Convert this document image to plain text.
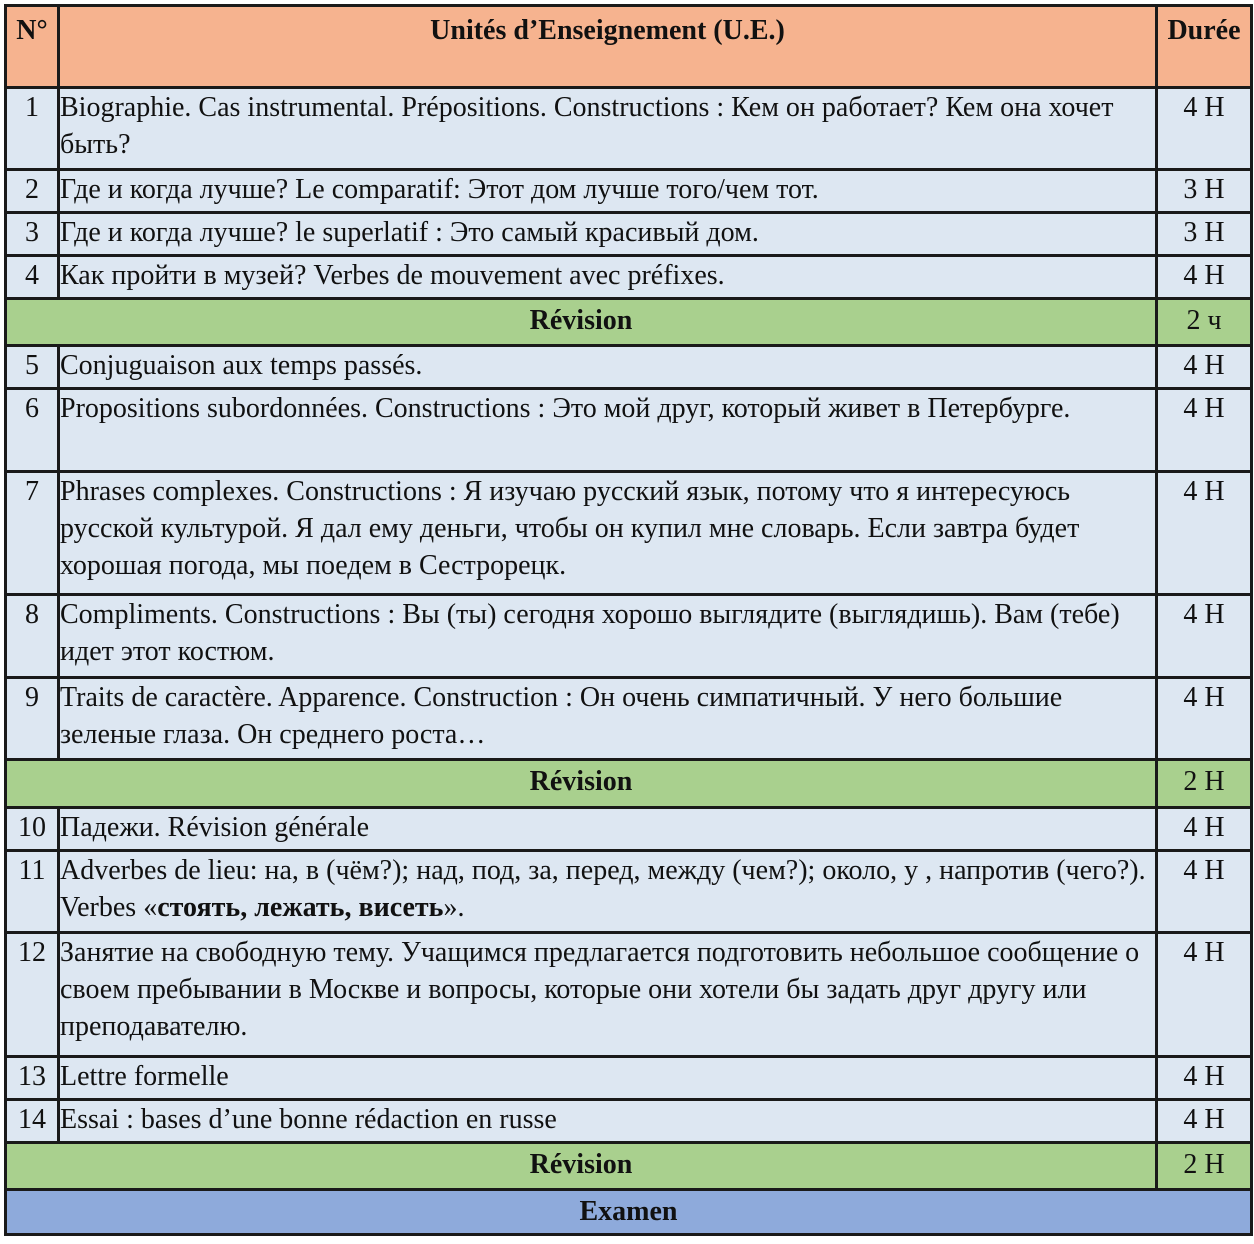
N°	Unités d’Enseignement (U.E.)	Durée
1	Biographie. Cas instrumental. Prépositions. Constructions : Кем он работает? Кем она хочет быть?	4 H
2	Где и когда лучше? Le comparatif: Этот дом лучше того/чем тот.	3 H
3	Где и когда лучше? le superlatif : Это самый красивый дом.	3 H
4	Как пройти в музей? Verbes de mouvement avec préfixes.	4 H
Révision		2 ч
5	Conjuguaison aux temps passés.	4 H
6	Propositions subordonnées. Constructions : Это мой друг, который живет в Петербурге.	4 H
7	Phrases complexes. Constructions : Я изучаю русский язык, потому что я интересуюсь русской культурой. Я дал ему деньги, чтобы он купил мне словарь. Если завтра будет хорошая погода, мы поедем в Сестрорецк.	4 H
8	Compliments. Constructions : Вы (ты) сегодня хорошо выглядите (выглядишь). Вам (тебе) идет этот костюм.	4 H
9	Traits de caractère. Apparence. Construction : Он очень симпатичный. У него большие зеленые глаза. Он среднего роста…	4 H
Révision		2 H
10	Падежи. Révision générale	4 H
11	Adverbes de lieu: на, в (чём?); над, под, за, перед, между (чем?); около, у , напротив (чего?). Verbes «стоять, лежать, висеть».	4 H
12	Занятие на свободную тему. Учащимся предлагается подготовить небольшое сообщение о своем пребывании в Москве и вопросы, которые они хотели бы задать друг другу или преподавателю.	4 H
13	Lettre formelle	4 H
14	Essai : bases d’une bonne rédaction en russe	4 H
Révision		2 H
Examen		
